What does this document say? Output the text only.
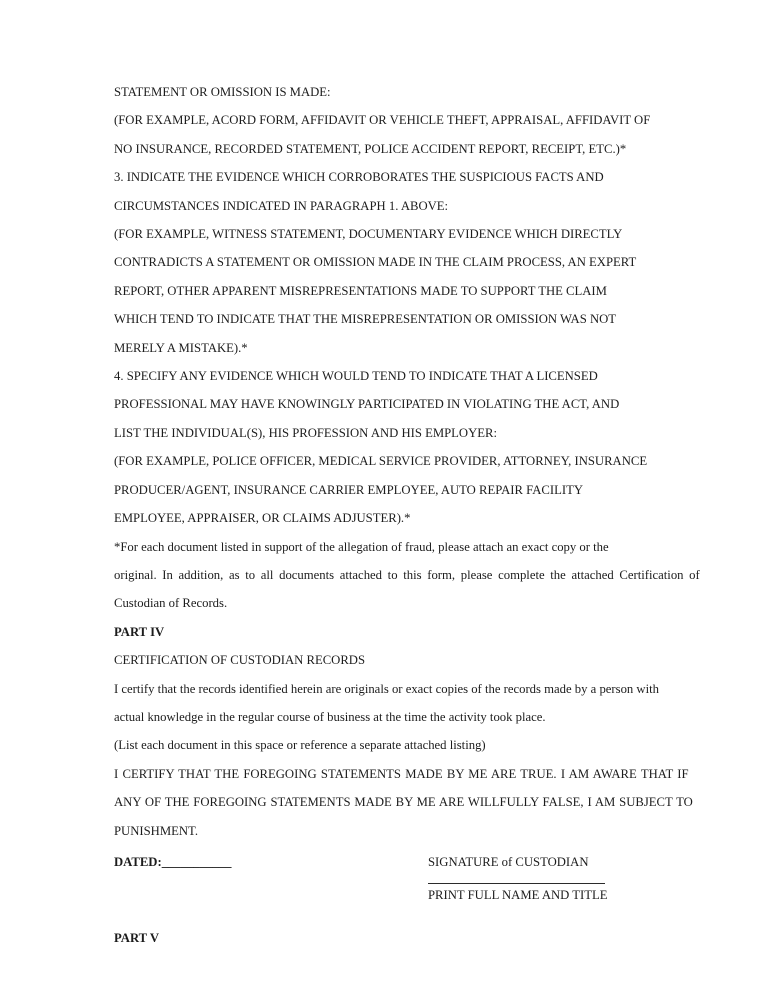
STATEMENT OR OMISSION IS MADE:
(FOR EXAMPLE, ACORD FORM, AFFIDAVIT OR VEHICLE THEFT, APPRAISAL, AFFIDAVIT OF
NO INSURANCE, RECORDED STATEMENT, POLICE ACCIDENT REPORT, RECEIPT, ETC.)*
3. INDICATE THE EVIDENCE WHICH CORROBORATES THE SUSPICIOUS FACTS AND
CIRCUMSTANCES INDICATED IN PARAGRAPH 1. ABOVE:
(FOR EXAMPLE, WITNESS STATEMENT, DOCUMENTARY EVIDENCE WHICH DIRECTLY
CONTRADICTS A STATEMENT OR OMISSION MADE IN THE CLAIM PROCESS, AN EXPERT
REPORT, OTHER APPARENT MISREPRESENTATIONS MADE TO SUPPORT THE CLAIM
WHICH TEND TO INDICATE THAT THE MISREPRESENTATION OR OMISSION WAS NOT
MERELY A MISTAKE).*
4. SPECIFY ANY EVIDENCE WHICH WOULD TEND TO INDICATE THAT A LICENSED
PROFESSIONAL MAY HAVE KNOWINGLY PARTICIPATED IN VIOLATING THE ACT, AND
LIST THE INDIVIDUAL(S), HIS PROFESSION AND HIS EMPLOYER:
(FOR EXAMPLE, POLICE OFFICER, MEDICAL SERVICE PROVIDER, ATTORNEY, INSURANCE
PRODUCER/AGENT, INSURANCE CARRIER EMPLOYEE, AUTO REPAIR FACILITY
EMPLOYEE, APPRAISER, OR CLAIMS ADJUSTER).*
*For each document listed in support of the allegation of fraud, please attach an exact copy or the
original. In addition, as to all documents attached to this form, please complete the attached Certification of
Custodian of Records.
PART IV
CERTIFICATION OF CUSTODIAN RECORDS
I certify that the records identified herein are originals or exact copies of the records made by a person with
actual knowledge in the regular course of business at the time the activity took place.
(List each document in this space or reference a separate attached listing)
I CERTIFY THAT THE FOREGOING STATEMENTS MADE BY ME ARE TRUE. I AM AWARE THAT IF
ANY OF THE FOREGOING STATEMENTS MADE BY ME ARE WILLFULLY FALSE, I AM SUBJECT TO
PUNISHMENT.
DATED:___________	SIGNATURE of CUSTODIAN
PRINT FULL NAME AND TITLE
PART V
